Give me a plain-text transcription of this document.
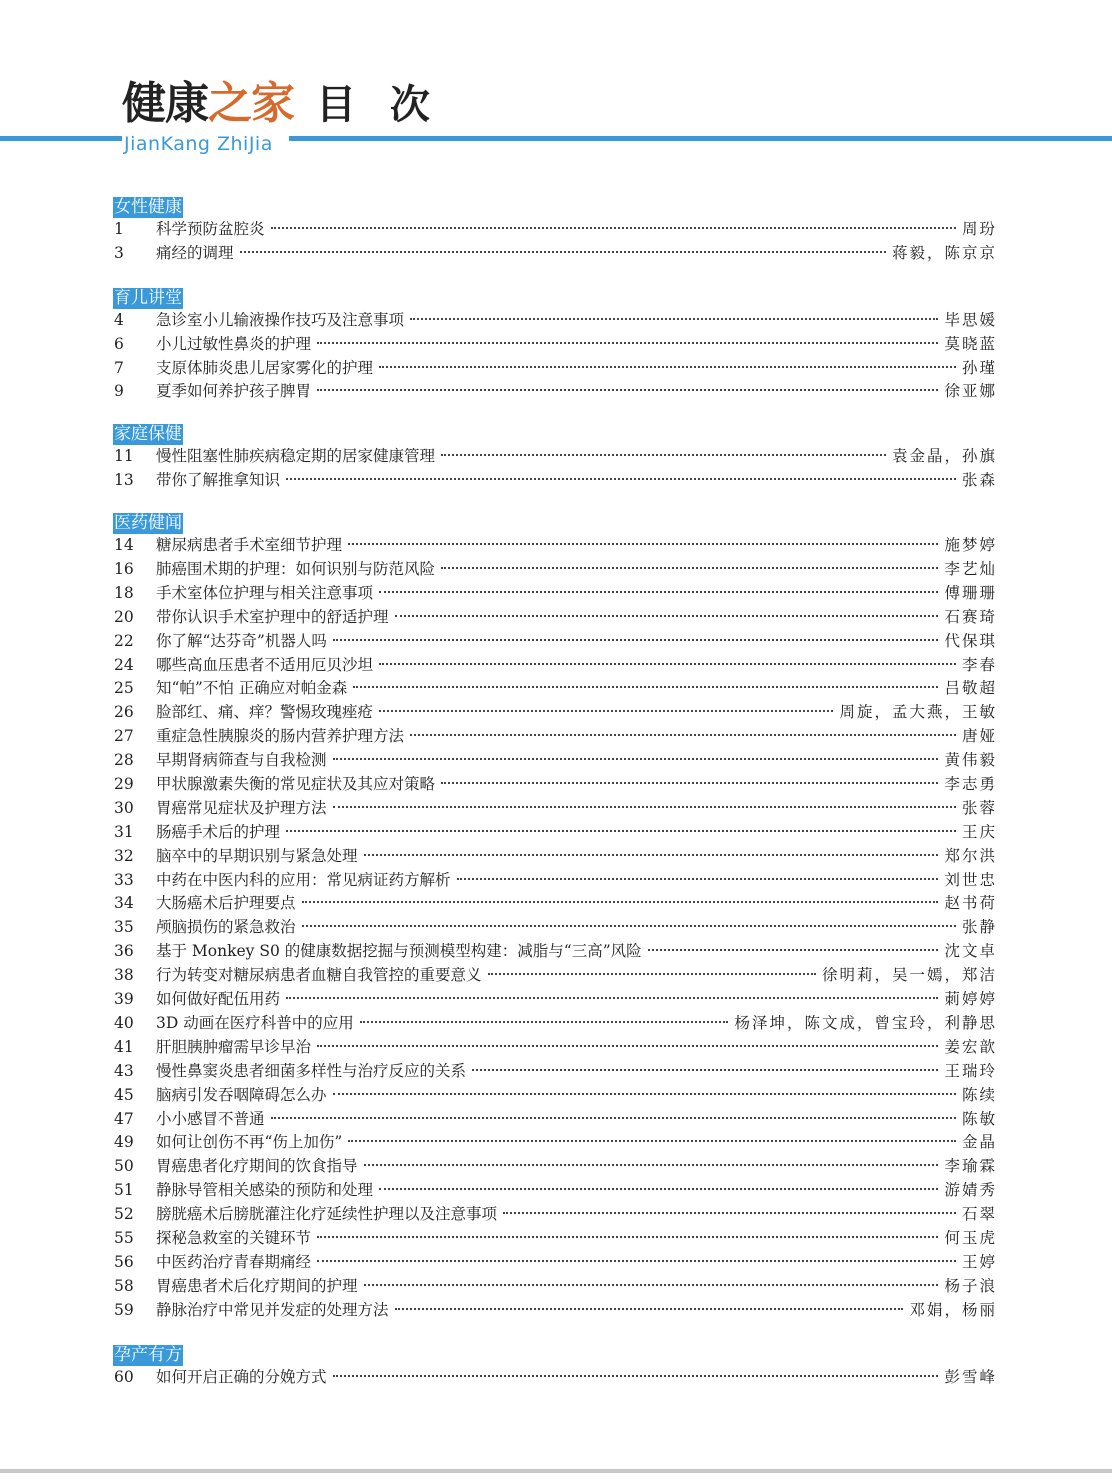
健康之家 目 次
JianKang ZhiJia
女性健康
1	科学预防盆腔炎	周玢
3	痛经的调理	蒋毅，陈京京
育儿讲堂
4	急诊室小儿输液操作技巧及注意事项	毕思媛
6	小儿过敏性鼻炎的护理	莫晓蓝
7	支原体肺炎患儿居家雾化的护理	孙瑾
9	夏季如何养护孩子脾胃	徐亚娜
家庭保健
11	慢性阻塞性肺疾病稳定期的居家健康管理	袁金晶，孙旗
13	带你了解推拿知识	张森
医药健闻
14	糖尿病患者手术室细节护理	施梦婷
16	肺癌围术期的护理：如何识别与防范风险	李艺灿
18	手术室体位护理与相关注意事项	傅珊珊
20	带你认识手术室护理中的舒适护理	石赛琦
22	你了解“达芬奇”机器人吗	代保琪
24	哪些高血压患者不适用厄贝沙坦	李春
25	知“帕”不怕 正确应对帕金森	吕敬超
26	脸部红、痛、痒？警惕玫瑰痤疮	周旋，孟大燕，王敏
27	重症急性胰腺炎的肠内营养护理方法	唐娅
28	早期肾病筛查与自我检测	黄伟毅
29	甲状腺激素失衡的常见症状及其应对策略	李志勇
30	胃癌常见症状及护理方法	张蓉
31	肠癌手术后的护理	王庆
32	脑卒中的早期识别与紧急处理	郑尔洪
33	中药在中医内科的应用：常见病证药方解析	刘世忠
34	大肠癌术后护理要点	赵书荷
35	颅脑损伤的紧急救治	张静
36	基于 Monkey S0 的健康数据挖掘与预测模型构建：减脂与“三高”风险	沈文卓
38	行为转变对糖尿病患者血糖自我管控的重要意义	徐明莉，吴一嫣，郑洁
39	如何做好配伍用药	莿婷婷
40	3D 动画在医疗科普中的应用	杨泽坤，陈文成，曾宝玲，利静思
41	肝胆胰肿瘤需早诊早治	姜宏歆
43	慢性鼻窦炎患者细菌多样性与治疗反应的关系	王瑞玲
45	脑病引发吞咽障碍怎么办	陈续
47	小小感冒不普通	陈敏
49	如何让创伤不再“伤上加伤”	金晶
50	胃癌患者化疗期间的饮食指导	李瑜霖
51	静脉导管相关感染的预防和处理	游婧秀
52	膀胱癌术后膀胱灌注化疗延续性护理以及注意事项	石翠
55	探秘急救室的关键环节	何玉虎
56	中医药治疗青春期痛经	王婷
58	胃癌患者术后化疗期间的护理	杨子浪
59	静脉治疗中常见并发症的处理方法	邓娟，杨丽
孕产有方
60	如何开启正确的分娩方式	彭雪峰
